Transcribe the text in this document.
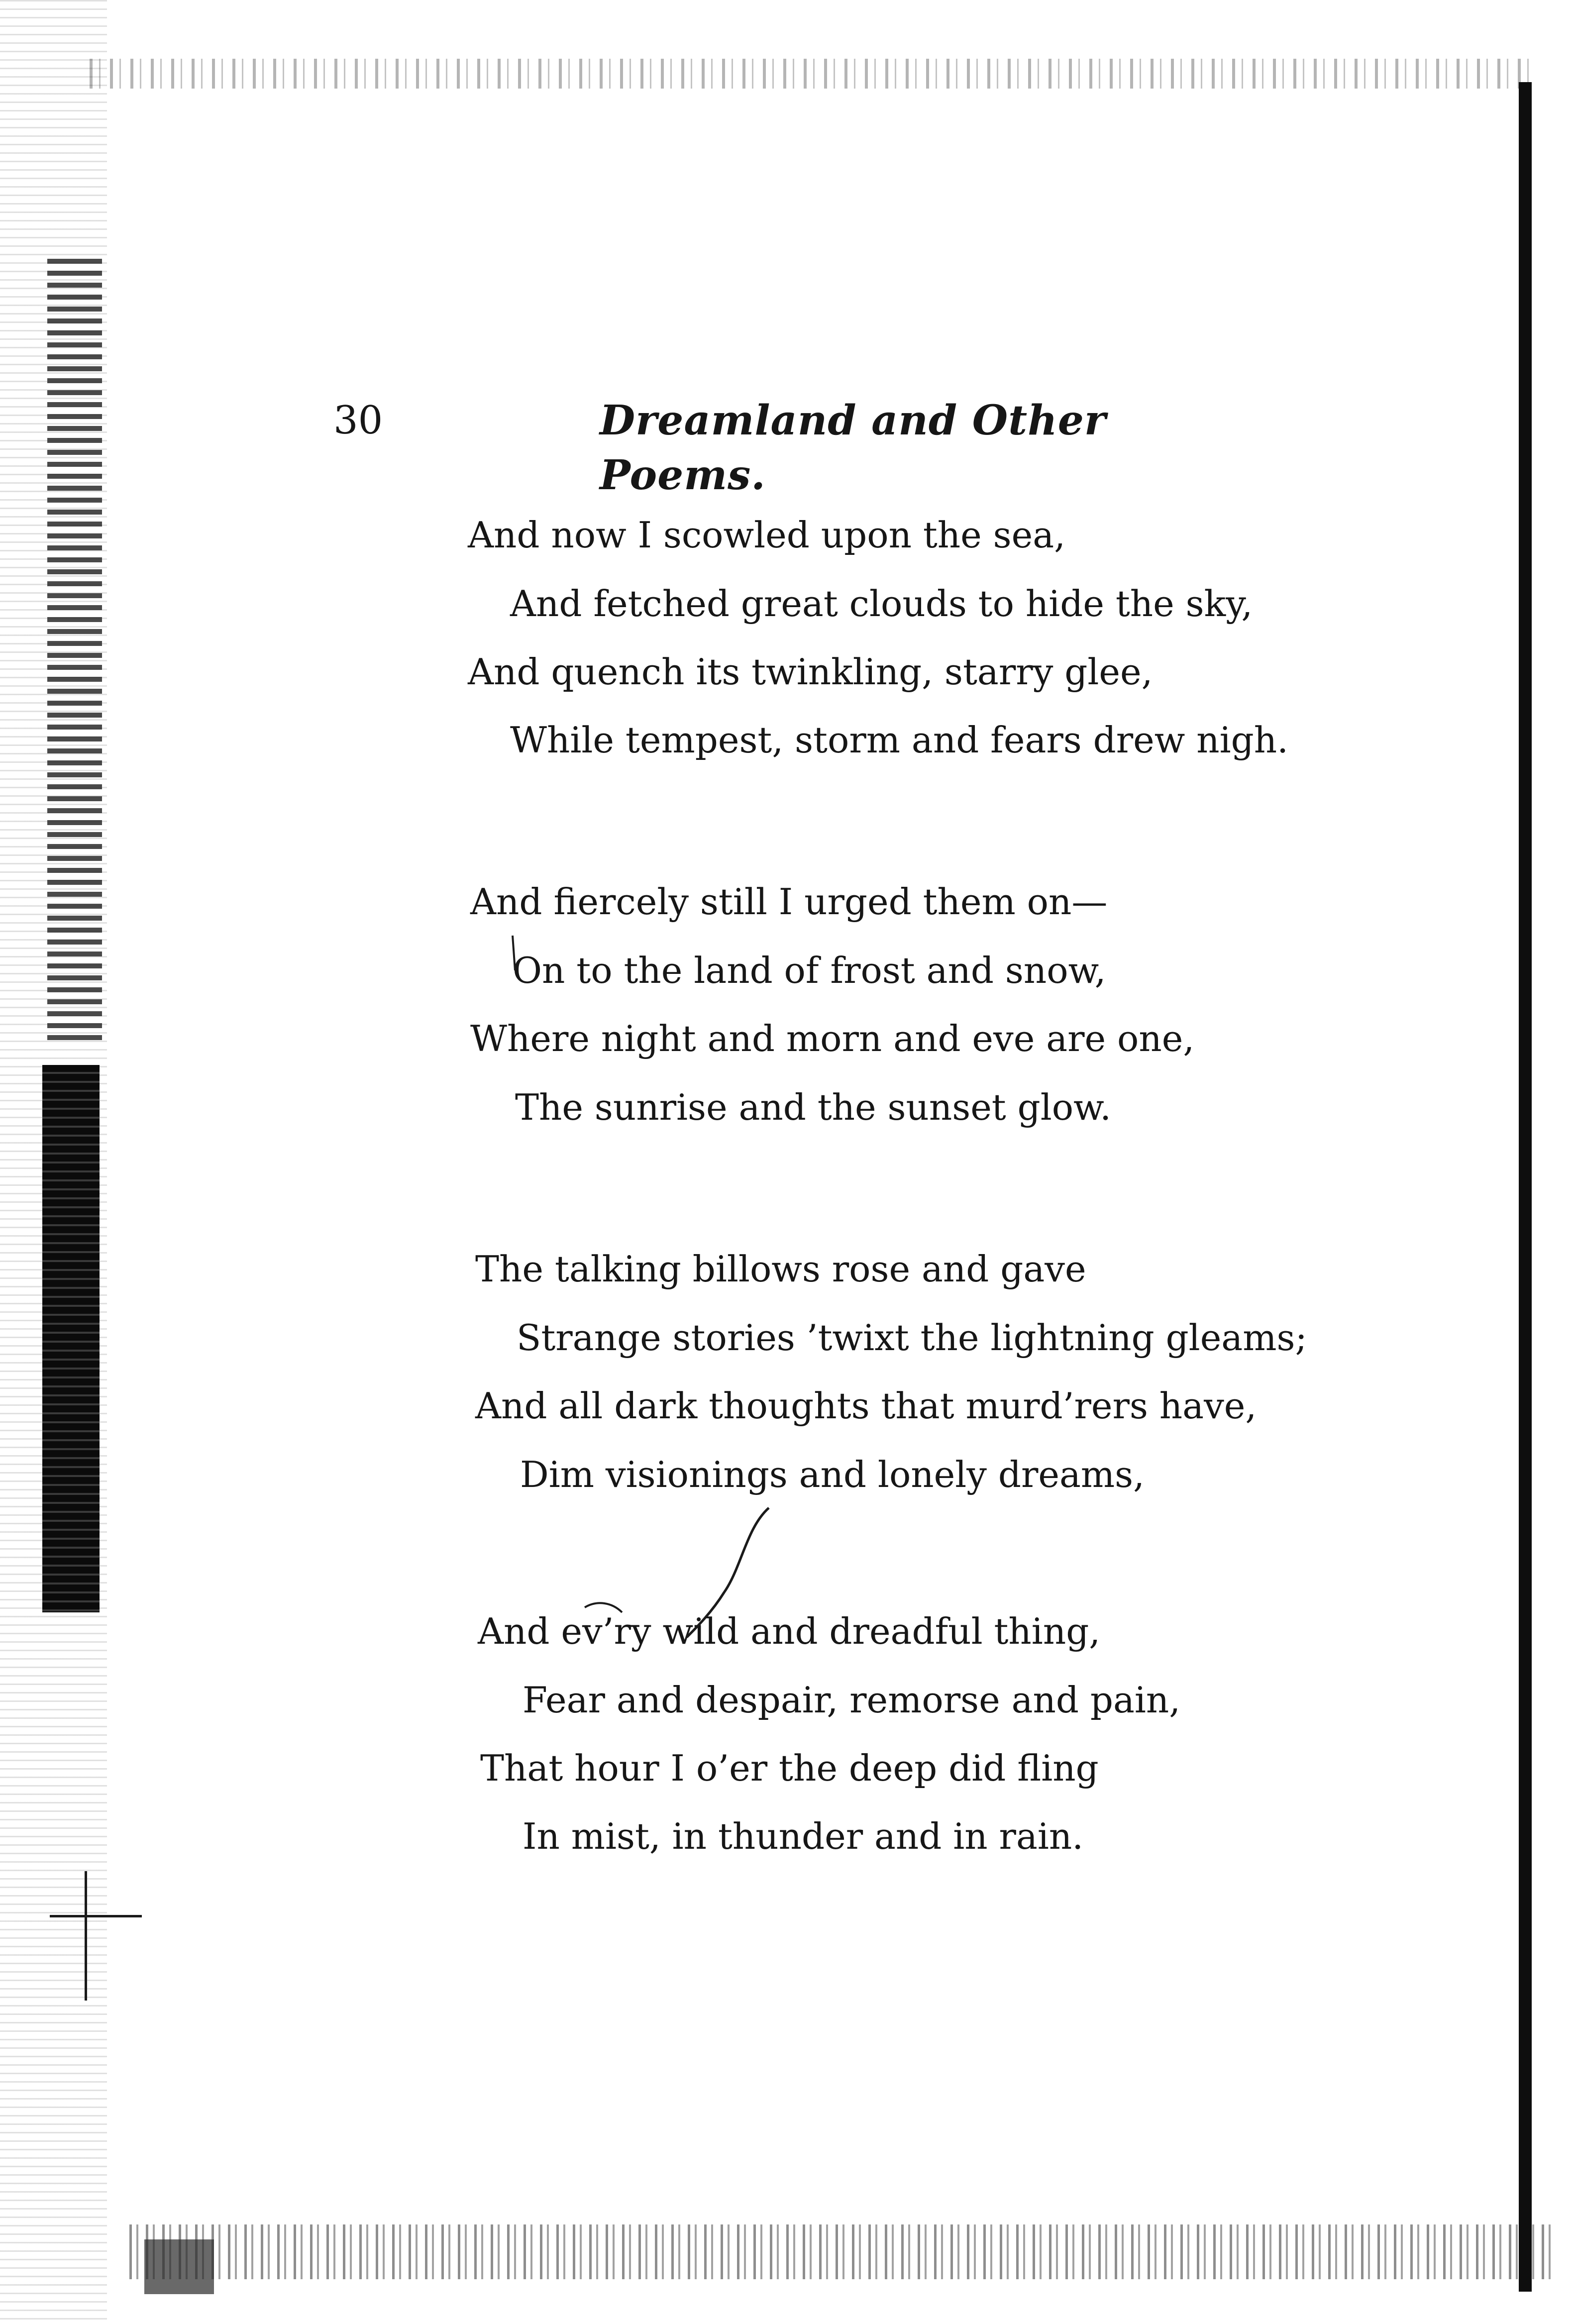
30	Dreamland and Other Poems.
And now I scowled upon the sea,
And fetched great clouds to hide the sky,
And quench its twinkling, starry glee,
While tempest, storm and fears drew nigh.
And fiercely still I urged them on—
On to the land of frost and snow,
Where night and morn and eve are one,
The sunrise and the sunset glow.
The talking billows rose and gave
Strange stories ’twixt the lightning gleams;
And all dark thoughts that murd’rers have,
Dim visionings and lonely dreams,
And ev’ry wild and dreadful thing,
Fear and despair, remorse and pain,
That hour I o’er the deep did fling
In mist, in thunder and in rain.
